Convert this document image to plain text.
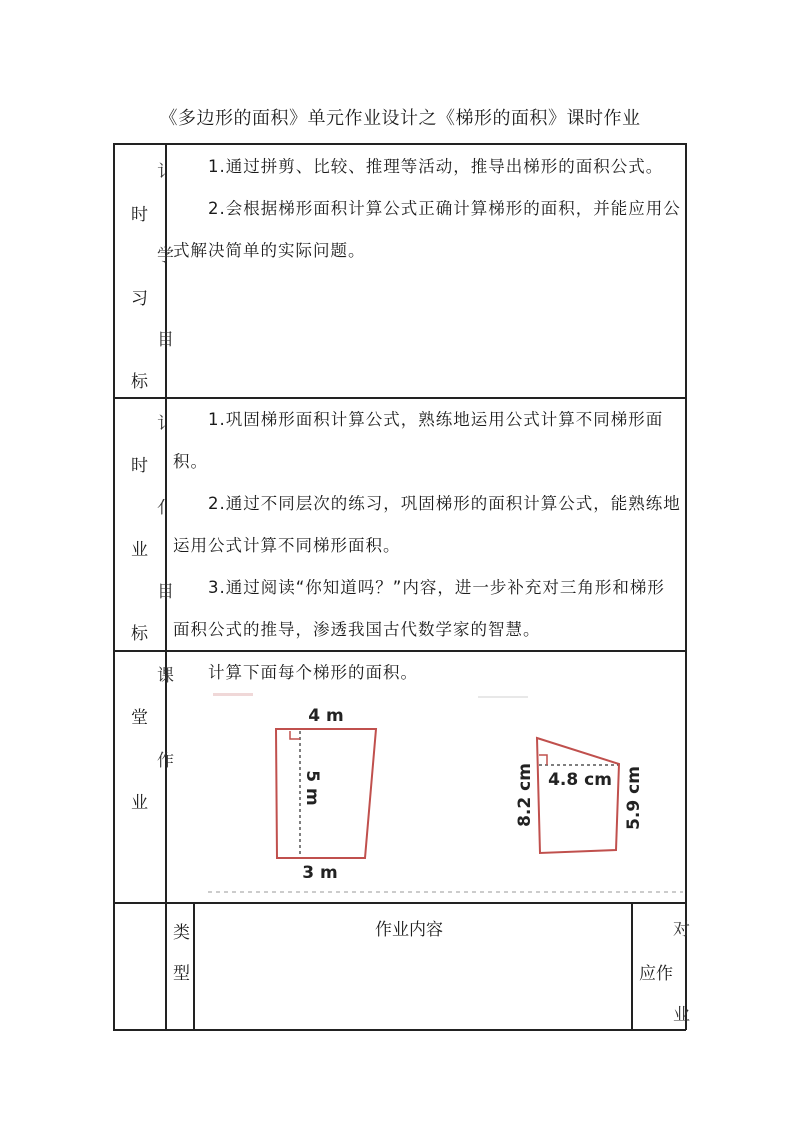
《多边形的面积》单元作业设计之《梯形的面积》课时作业
时
习
标
讠
学
目
1.通过拼剪、比较、推理等活动，推导出梯形的面积公式。
2.会根据梯形面积计算公式正确计算梯形的面积，并能应用公式解决简单的实际问题。
时
业
标
讠
亻
目
1.巩固梯形面积计算公式，熟练地运用公式计算不同梯形面积。
2.通过不同层次的练习，巩固梯形的面积计算公式，能熟练地运用公式计算不同梯形面积。
3.通过阅读“你知道吗？”内容，进一步补充对三角形和梯形面积公式的推导，渗透我国古代数学家的智慧。
堂
业
课
作
计算下面每个梯形的面积。
4 m
5 m
3 m
4.8 cm
8.2 cm	5.9 cm
类
型
作业内容	对
应作
业
